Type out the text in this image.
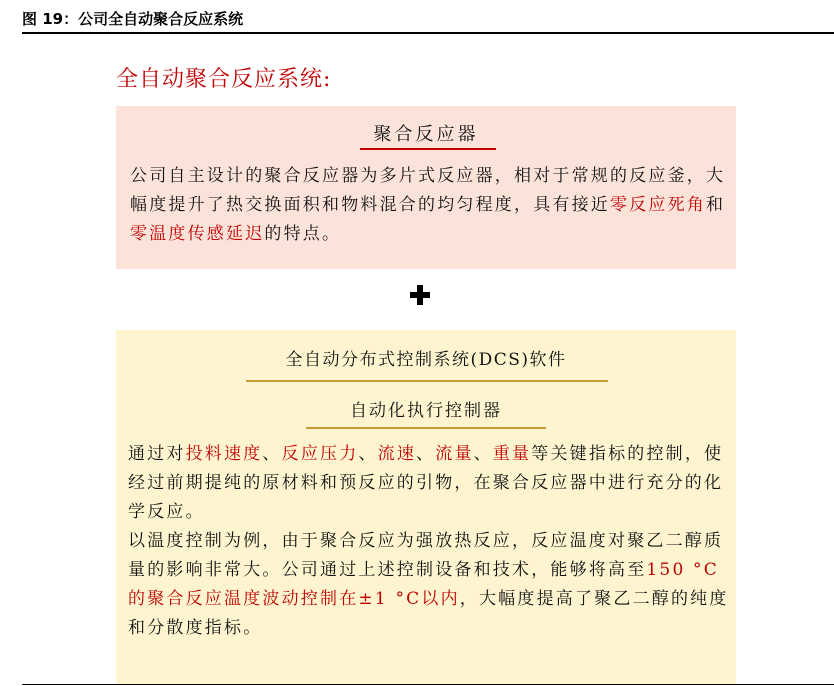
图 19：公司全自动聚合反应系统
全自动聚合反应系统:
聚合反应器
公司自主设计的聚合反应器为多片式反应器，相对于常规的反应釜，大幅度提升了热交换面积和物料混合的均匀程度，具有接近零反应死角和零温度传感延迟的特点。
全自动分布式控制系统(DCS)软件
自动化执行控制器
通过对投料速度、反应压力、流速、流量、重量等关键指标的控制，使经过前期提纯的原材料和预反应的引物，在聚合反应器中进行充分的化学反应。
以温度控制为例，由于聚合反应为强放热反应，反应温度对聚乙二醇质量的影响非常大。公司通过上述控制设备和技术，能够将高至150 °C的聚合反应温度波动控制在±1 °C以内，大幅度提高了聚乙二醇的纯度和分散度指标。
